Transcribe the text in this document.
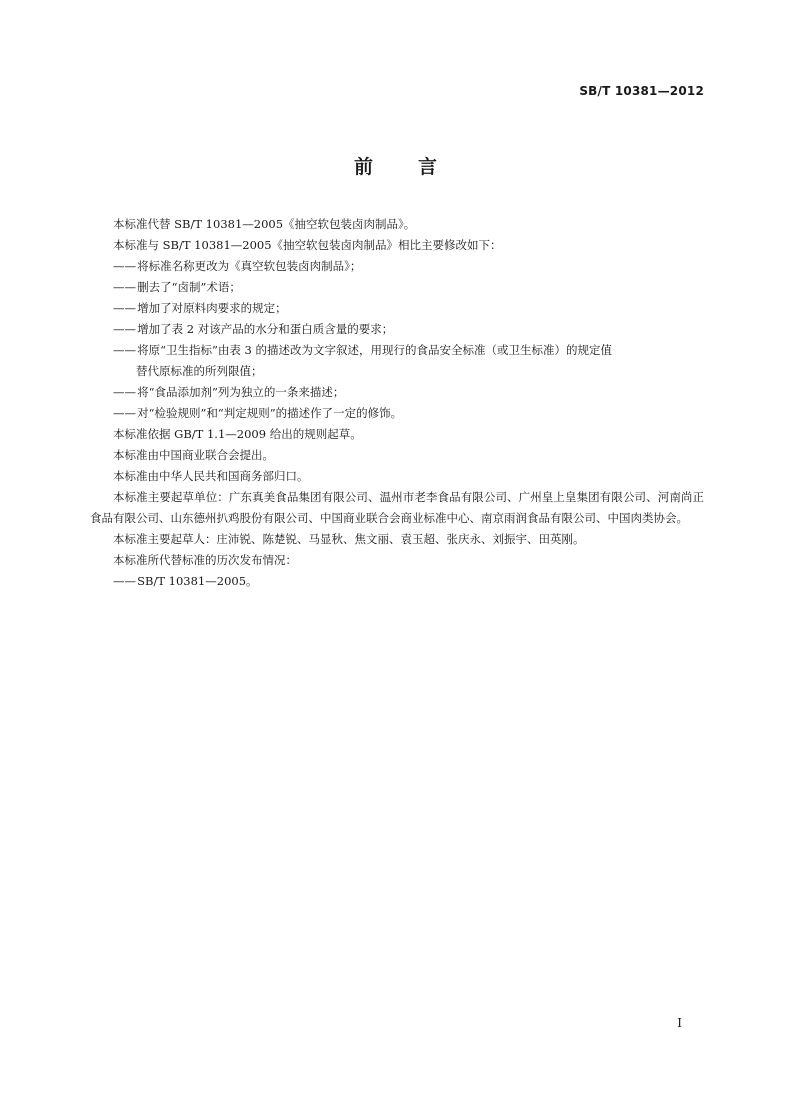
SB/T 10381—2012
前 言

本标准代替 SB/T 10381—2005《抽空软包装卤肉制品》。

本标准与 SB/T 10381—2005《抽空软包装卤肉制品》相比主要修改如下：

——将标准名称更改为《真空软包装卤肉制品》；

——删去了“卤制”术语；

——增加了对原料肉要求的规定；

——增加了表 2 对该产品的水分和蛋白质含量的要求；

——将原“卫生指标”由表 3 的描述改为文字叙述，用现行的食品安全标准（或卫生标准）的规定值
替代原标准的所列限值；

——将“食品添加剂”列为独立的一条来描述；

——对“检验规则”和“判定规则”的描述作了一定的修饰。

本标准依据 GB/T 1.1—2009 给出的规则起草。

本标准由中国商业联合会提出。

本标准由中华人民共和国商务部归口。

本标准主要起草单位：广东真美食品集团有限公司、温州市老李食品有限公司、广州皇上皇集团有限公司、河南尚正食品有限公司、山东德州扒鸡股份有限公司、中国商业联合会商业标准中心、南京雨润食品有限公司、中国肉类协会。

本标准主要起草人：庄沛锐、陈楚锐、马显秋、焦文丽、袁玉超、张庆永、刘振宇、田英刚。

本标准所代替标准的历次发布情况：

——SB/T 10381—2005。

I
